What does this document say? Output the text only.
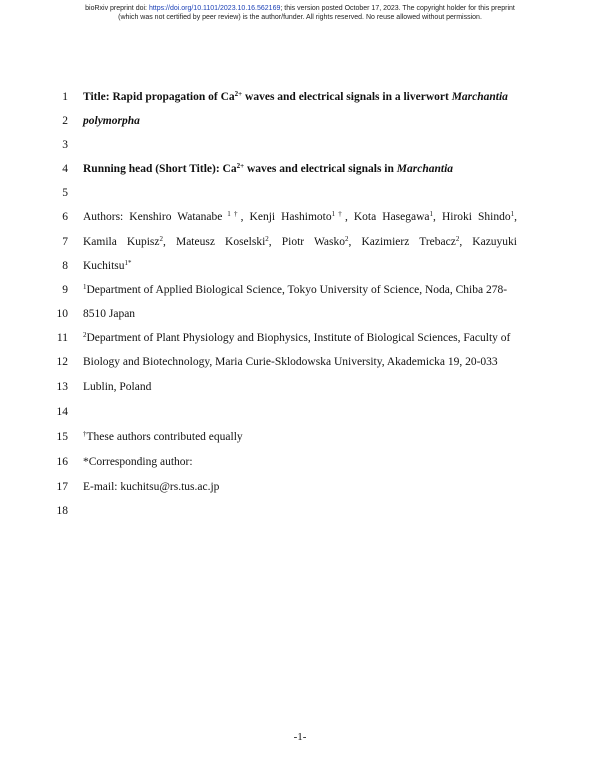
bioRxiv preprint doi: https://doi.org/10.1101/2023.10.16.562169; this version posted October 17, 2023. The copyright holder for this preprint
(which was not certified by peer review) is the author/funder. All rights reserved. No reuse allowed without permission.
1 Title: Rapid propagation of $Ca^{2+}$ waves and electrical signals in a liverwort Marchantia
2 polymorpha
3
4 Running head (Short Title): $Ca^{2+}$ waves and electrical signals in Marchantia
5
6 Authors: Kenshiro Watanabe $^{1\dagger}$, Kenji Hashimoto$^{1\dagger}$, Kota Hasegawa$^1$, Hiroki Shindo$^1$,
7 Kamila Kupisz$^2$, Mateusz Koselski$^2$, Piotr Wasko$^2$, Kazimierz Trebacz$^2$, Kazuyuki
8 Kuchitsu$^{1*}$
9 $^1$Department of Applied Biological Science, Tokyo University of Science, Noda, Chiba 278-
10 8510 Japan
11 $^2$Department of Plant Physiology and Biophysics, Institute of Biological Sciences, Faculty of
12 Biology and Biotechnology, Maria Curie-Sklodowska University, Akademicka 19, 20-033
13 Lublin, Poland
14
15 †These authors contributed equally
16 *Corresponding author:
17 E-mail: kuchitsu@rs.tus.ac.jp
18
-1-
